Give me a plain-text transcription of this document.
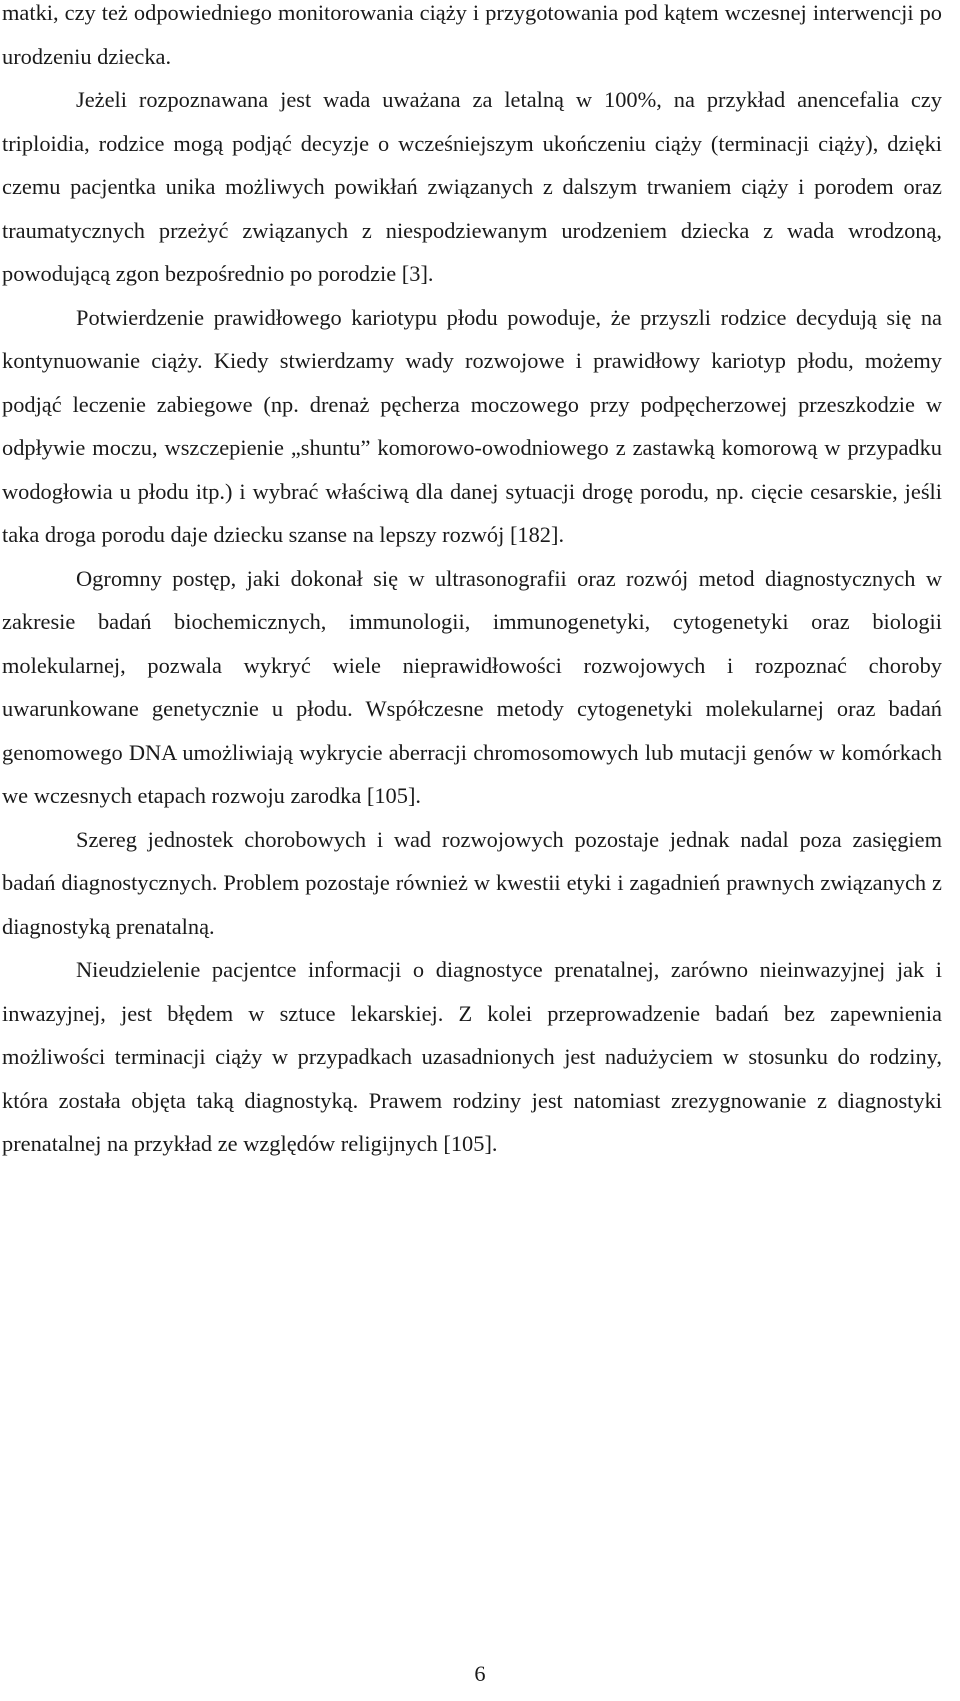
matki, czy też odpowiedniego monitorowania ciąży i przygotowania pod kątem wczesnej interwencji po urodzeniu dziecka.

Jeżeli rozpoznawana jest wada uważana za letalną w 100%, na przykład anencefalia czy triploidia, rodzice mogą podjąć decyzje o wcześniejszym ukończeniu ciąży (terminacji ciąży), dzięki czemu pacjentka unika możliwych powikłań związanych z dalszym trwaniem ciąży i porodem oraz traumatycznych przeżyć związanych z niespodziewanym urodzeniem dziecka z wada wrodzoną, powodującą zgon bezpośrednio po porodzie [3].

Potwierdzenie prawidłowego kariotypu płodu powoduje, że przyszli rodzice decydują się na kontynuowanie ciąży. Kiedy stwierdzamy wady rozwojowe i prawidłowy kariotyp płodu, możemy podjąć leczenie zabiegowe (np. drenaż pęcherza moczowego przy podpęcherzowej przeszkodzie w odpływie moczu, wszczepienie „shuntu” komorowo-owodniowego z zastawką komorową w przypadku wodogłowia u płodu itp.) i wybrać właściwą dla danej sytuacji drogę porodu, np. cięcie cesarskie, jeśli taka droga porodu daje dziecku szanse na lepszy rozwój [182].

Ogromny postęp, jaki dokonał się w ultrasonografii oraz rozwój metod diagnostycznych w zakresie badań biochemicznych, immunologii, immunogenetyki, cytogenetyki oraz biologii molekularnej, pozwala wykryć wiele nieprawidłowości rozwojowych i rozpoznać choroby uwarunkowane genetycznie u płodu. Współczesne metody cytogenetyki molekularnej oraz badań genomowego DNA umożliwiają wykrycie aberracji chromosomowych lub mutacji genów w komórkach we wczesnych etapach rozwoju zarodka [105].

Szereg jednostek chorobowych i wad rozwojowych pozostaje jednak nadal poza zasięgiem badań diagnostycznych. Problem pozostaje również w kwestii etyki i zagadnień prawnych związanych z diagnostyką prenatalną.

Nieudzielenie pacjentce informacji o diagnostyce prenatalnej, zarówno nieinwazyjnej jak i inwazyjnej, jest błędem w sztuce lekarskiej. Z kolei przeprowadzenie badań bez zapewnienia możliwości terminacji ciąży w przypadkach uzasadnionych jest nadużyciem w stosunku do rodziny, która została objęta taką diagnostyką. Prawem rodziny jest natomiast zrezygnowanie z diagnostyki prenatalnej na przykład ze względów religijnych [105].

6
